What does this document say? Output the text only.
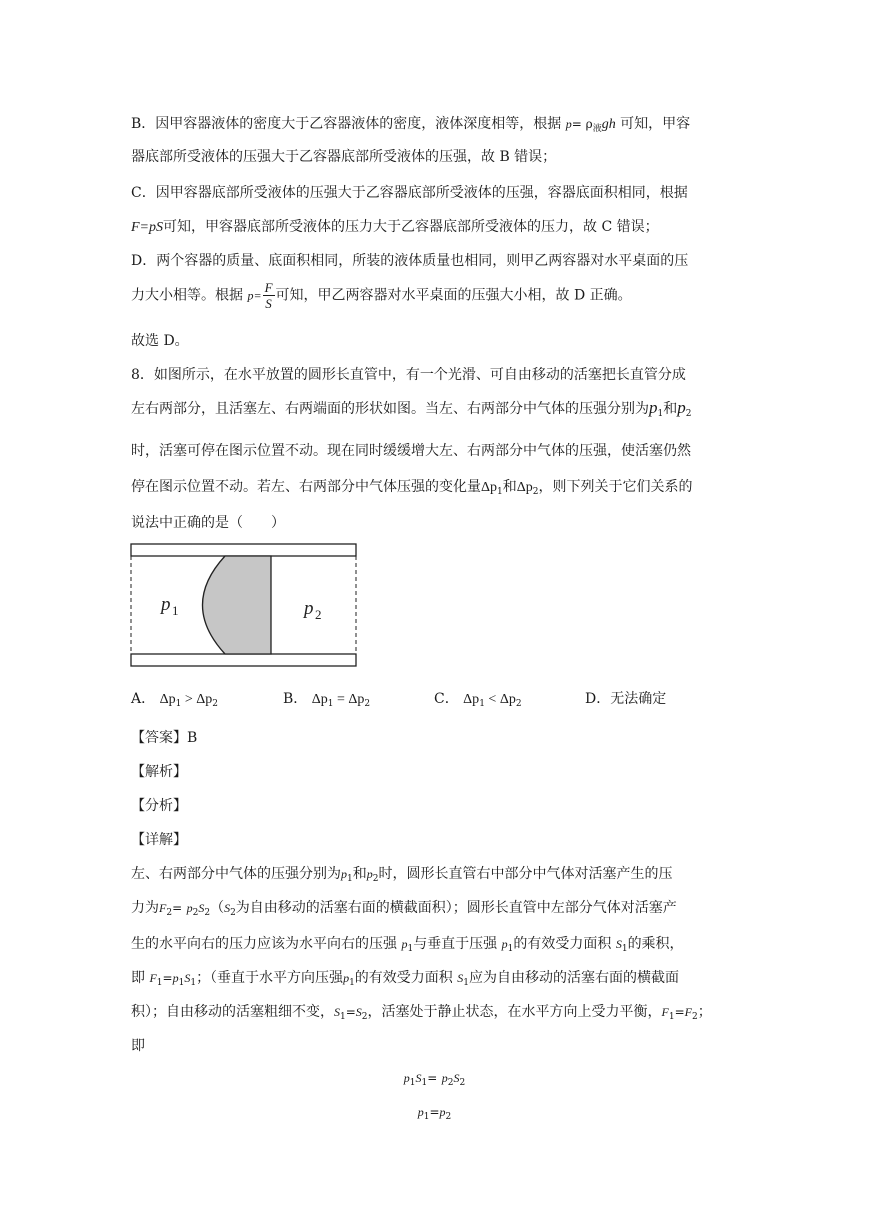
B．因甲容器液体的密度大于乙容器液体的密度，液体深度相等，根据 $p= \rho_液gh$ 可知，甲容
器底部所受液体的压强大于乙容器底部所受液体的压强，故 B 错误；
C．因甲容器底部所受液体的压强大于乙容器底部所受液体的压强，容器底面积相同，根据
F=pS可知，甲容器底部所受液体的压力大于乙容器底部所受液体的压力，故 C 错误；
D．两个容器的质量、底面积相同，所装的液体质量也相同，则甲乙两容器对水平桌面的压
力大小相等。根据 $p= \frac{F}{S}$ 可知，甲乙两容器对水平桌面的压强大小相，故 D 正确。
故选 D。
8．如图所示，在水平放置的圆形长直管中，有一个光滑、可自由移动的活塞把长直管分成
左右两部分，且活塞左、右两端面的形状如图。当左、右两部分中气体的压强分别为$p_1$和$p_2$
时，活塞可停在图示位置不动。现在同时缓缓增大左、右两部分中气体的压强，使活塞仍然
停在图示位置不动。若左、右两部分中气体压强的变化量$\Delta p_1$和$\Delta p_2$，则下列关于它们关系的
说法中正确的是（　　）
p 1	p 2
A． $\Delta p_1 > \Delta p_2$	B． $\Delta p_1 = \Delta p_2$	C． $\Delta p_1 < \Delta p_2$	D．无法确定
【答案】B
【解析】
【分析】
【详解】
左、右两部分中气体的压强分别为$p_1$和$p_2$时，圆形长直管右中部分中气体对活塞产生的压
力为$F_2= p_2S_2(S_2$为自由移动的活塞右面的横截面积）；圆形长直管中左部分气体对活塞产
生的水平向右的压力应该为水平向右的压强 $p_1$与垂直于压强 $p_1$的有效受力面积 $S_1$的乘积，
即 $F_1=p_1S_1$；（垂直于水平方向压强$p_1$的有效受力面积 $S_1$应为自由移动的活塞右面的横截面
积）；自由移动的活塞粗细不变，$S_1=S_2$，活塞处于静止状态，在水平方向上受力平衡，$F_1=F_2$；
即
$p_1S_1= p_2S_2$
$p_1=p_2$
